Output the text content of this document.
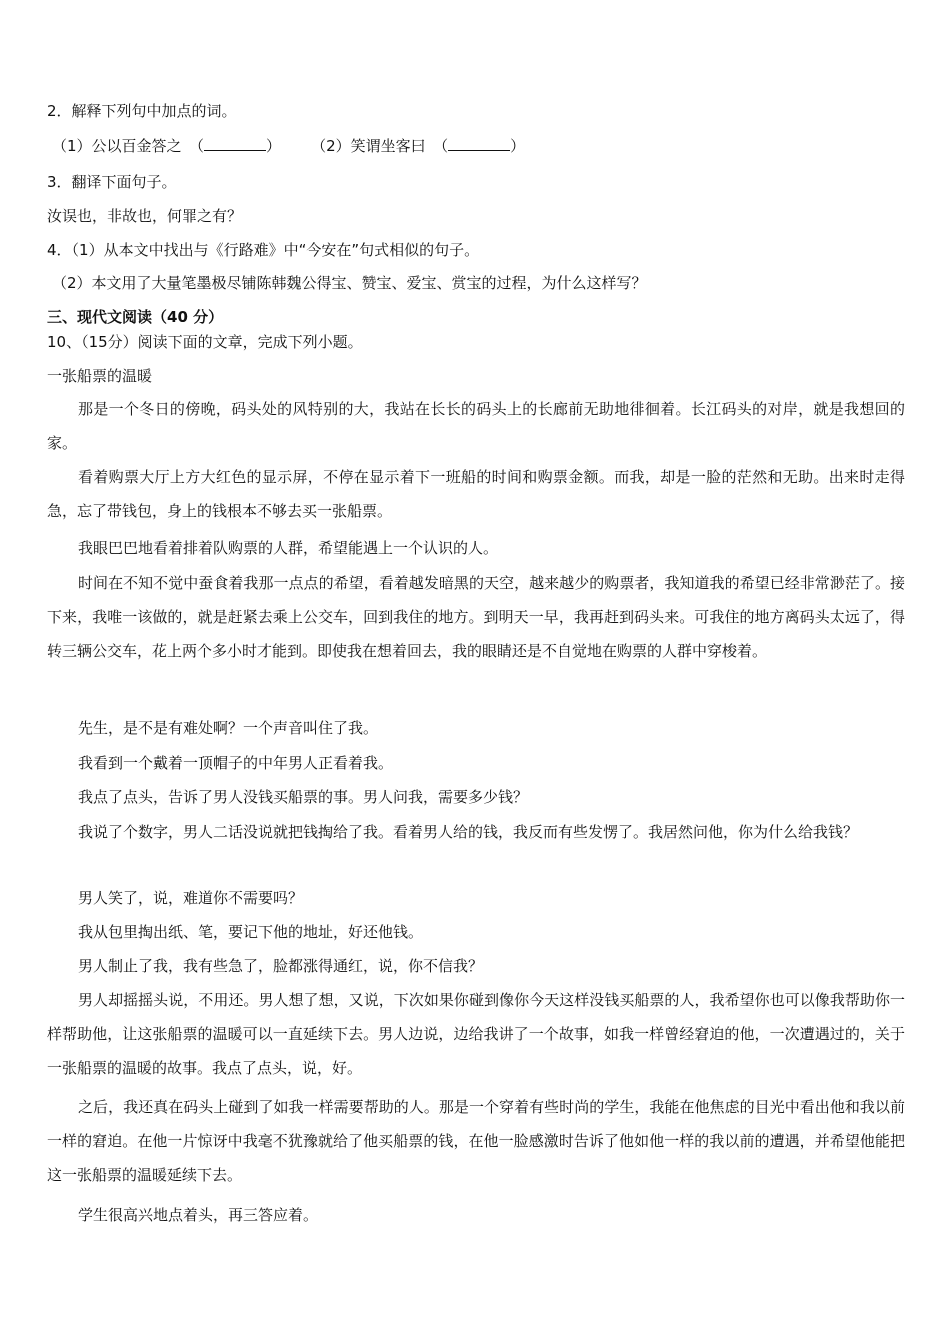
2．解释下列句中加点的词。
（1）公以百金答之　（	） （2）笑谓坐客曰　（	）
3．翻译下面句子。
汝误也，非故也，何罪之有？
4．（1）从本文中找出与《行路难》中“今安在”句式相似的句子。
（2）本文用了大量笔墨极尽铺陈韩魏公得宝、赞宝、爱宝、赏宝的过程，为什么这样写？
三、现代文阅读（40 分）
10、（15分）阅读下面的文章，完成下列小题。
一张船票的温暖
那是一个冬日的傍晚，码头处的风特别的大，我站在长长的码头上的长廊前无助地徘徊着。长江码头的对岸，就是我想回的家。
看着购票大厅上方大红色的显示屏，不停在显示着下一班船的时间和购票金额。而我，却是一脸的茫然和无助。出来时走得急，忘了带钱包，身上的钱根本不够去买一张船票。
我眼巴巴地看着排着队购票的人群，希望能遇上一个认识的人。
时间在不知不觉中蚕食着我那一点点的希望，看着越发暗黑的天空，越来越少的购票者，我知道我的希望已经非常渺茫了。接下来，我唯一该做的，就是赶紧去乘上公交车，回到我住的地方。到明天一早，我再赶到码头来。可我住的地方离码头太远了，得转三辆公交车，花上两个多小时才能到。即使我在想着回去，我的眼睛还是不自觉地在购票的人群中穿梭着。
先生，是不是有难处啊？一个声音叫住了我。
我看到一个戴着一顶帽子的中年男人正看着我。
我点了点头，告诉了男人没钱买船票的事。男人问我，需要多少钱？
我说了个数字，男人二话没说就把钱掏给了我。看着男人给的钱，我反而有些发愣了。我居然问他，你为什么给我钱？
男人笑了，说，难道你不需要吗？
我从包里掏出纸、笔，要记下他的地址，好还他钱。
男人制止了我，我有些急了，脸都涨得通红，说，你不信我？
男人却摇摇头说，不用还。男人想了想，又说，下次如果你碰到像你今天这样没钱买船票的人，我希望你也可以像我帮助你一样帮助他，让这张船票的温暖可以一直延续下去。男人边说，边给我讲了一个故事，如我一样曾经窘迫的他，一次遭遇过的，关于一张船票的温暖的故事。我点了点头，说，好。
之后，我还真在码头上碰到了如我一样需要帮助的人。那是一个穿着有些时尚的学生，我能在他焦虑的目光中看出他和我以前一样的窘迫。在他一片惊讶中我毫不犹豫就给了他买船票的钱，在他一脸感激时告诉了他如他一样的我以前的遭遇，并希望他能把这一张船票的温暖延续下去。
学生很高兴地点着头，再三答应着。
